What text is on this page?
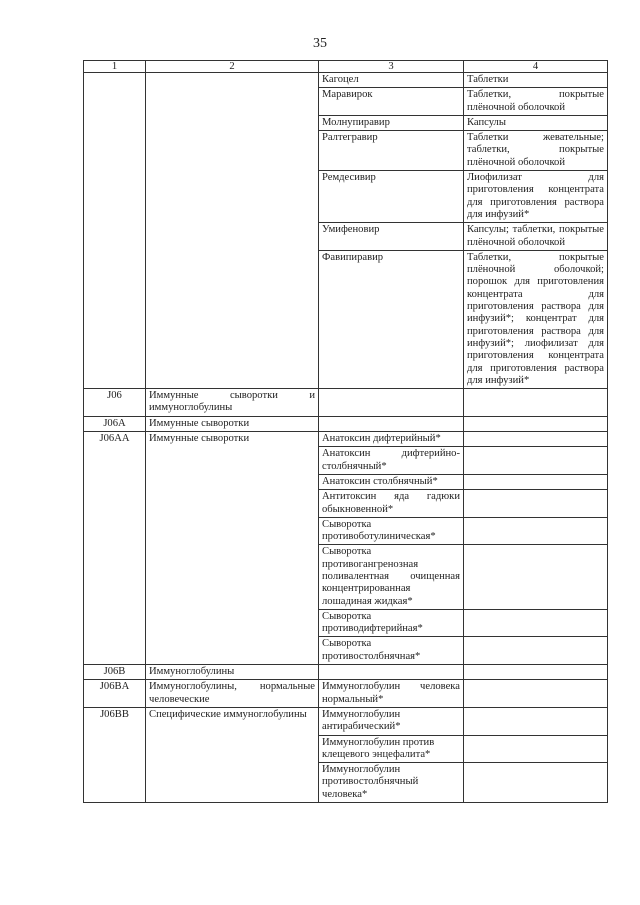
35
1	2	3	4
		Кагоцел	Таблетки
		Маравирок	Таблетки, покрытые плёночной оболочкой
		Молнупиравир	Капсулы
		Ралтегравир	Таблетки жевательные; таблетки, покрытые плёночной оболочкой
		Ремдесивир	Лиофилизат для приготовления концентрата для приготовления раствора для инфузий*
		Умифеновир	Капсулы; таблетки, покрытые плёночной оболочкой
		Фавипиравир	Таблетки, покрытые плёночной оболочкой; порошок для приготовления концентрата для приготовления раствора для инфузий*; концентрат для приготовления раствора для инфузий*; лиофилизат для приготовления концентрата для приготовления раствора для инфузий*
J06	Иммунные сыворотки и иммуноглобулины		
J06A	Иммунные сыворотки		
J06AA	Иммунные сыворотки	Анатоксин дифтерийный*	
		Анатоксин дифтерийно-столбнячный*	
		Анатоксин столбнячный*	
		Антитоксин яда гадюки обыкновенной*	
		Сыворотка противоботулиническая*	
		Сыворотка противогангренозная поливалентная очищенная концентрированная лошадиная жидкая*	
		Сыворотка противодифтерийная*	
		Сыворотка противостолбнячная*	
J06B	Иммуноглобулины		
J06BA	Иммуноглобулины, нормальные человеческие	Иммуноглобулин человека нормальный*	
J06BB	Специфические иммуноглобулины	Иммуноглобулин антирабический*	
		Иммуноглобулин против клещевого энцефалита*	
		Иммуноглобулин противостолбнячный человека*	
